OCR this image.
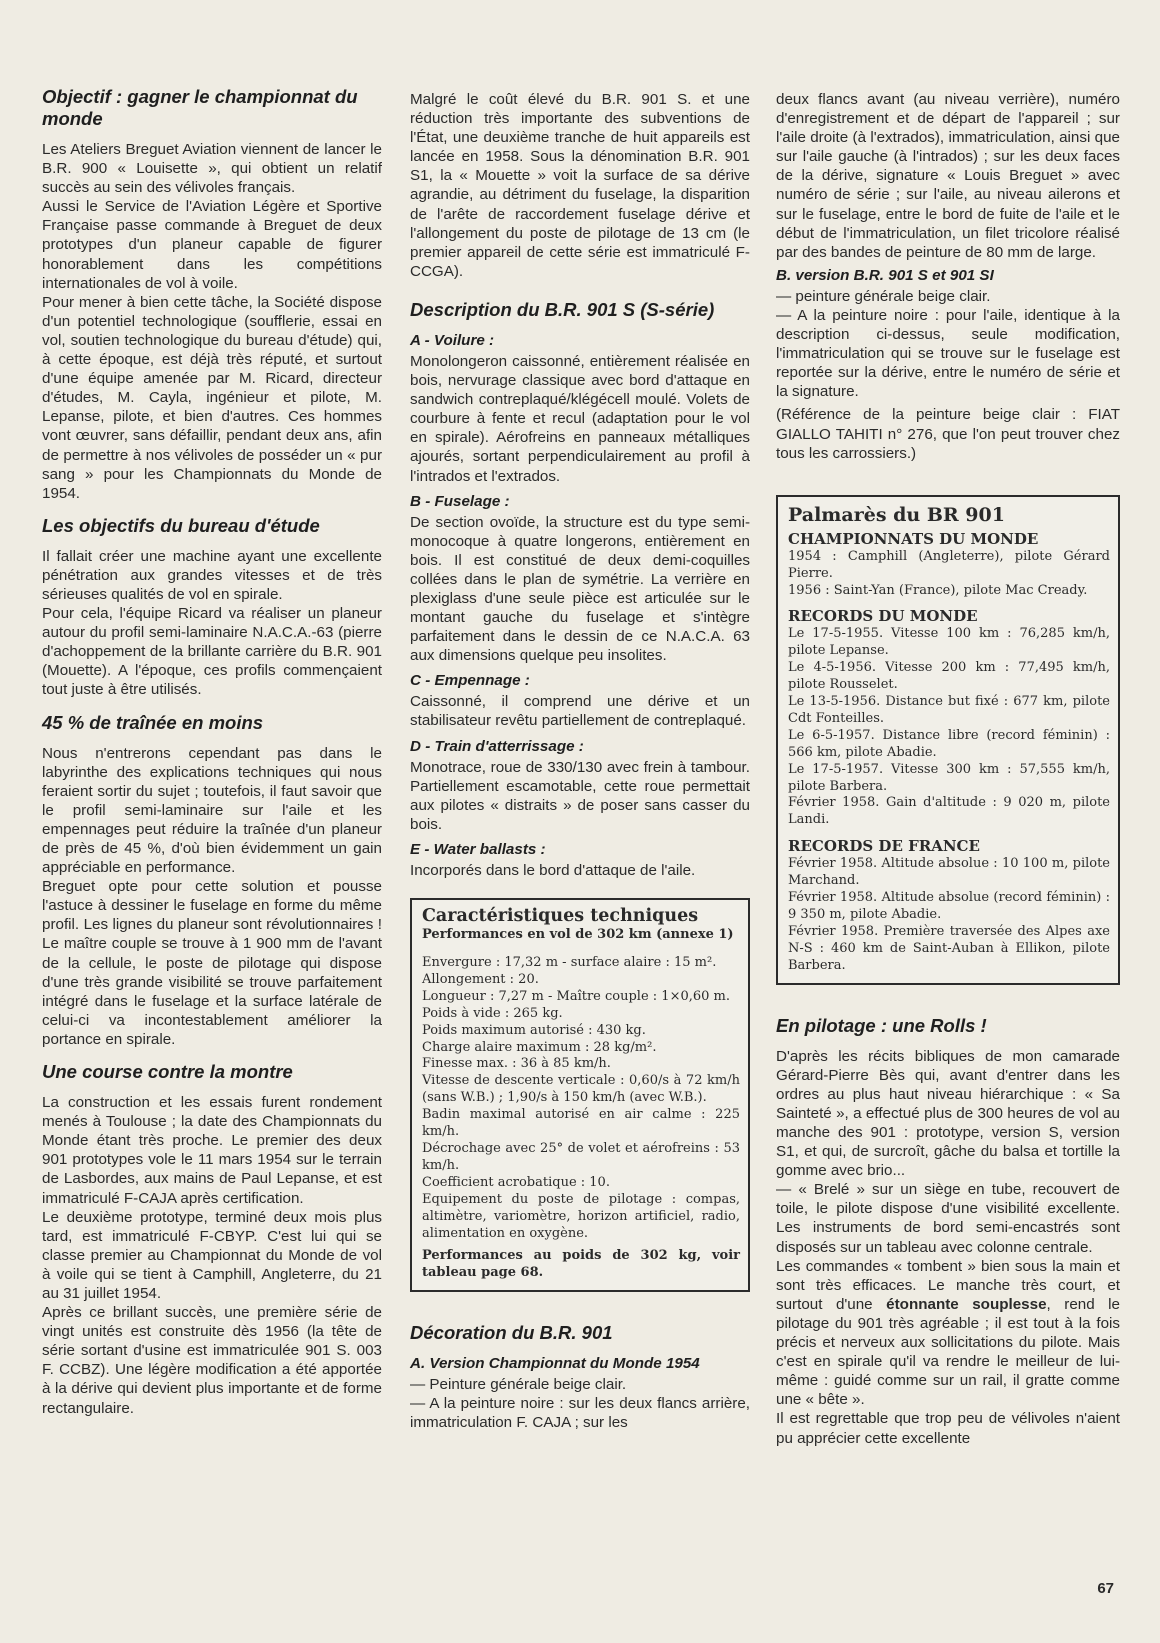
Objectif : gagner le championnat du monde

Les Ateliers Breguet Aviation viennent de lancer le B.R. 900 « Louisette », qui obtient un relatif succès au sein des vélivoles français.

Aussi le Service de l'Aviation Légère et Sportive Française passe commande à Breguet de deux prototypes d'un planeur capable de figurer honorablement dans les compétitions internationales de vol à voile.

Pour mener à bien cette tâche, la Société dispose d'un potentiel technologique (soufflerie, essai en vol, soutien technologique du bureau d'étude) qui, à cette époque, est déjà très réputé, et surtout d'une équipe amenée par M. Ricard, directeur d'études, M. Cayla, ingénieur et pilote, M. Lepanse, pilote, et bien d'autres. Ces hommes vont œuvrer, sans défaillir, pendant deux ans, afin de permettre à nos vélivoles de posséder un « pur sang » pour les Championnats du Monde de 1954.

Les objectifs du bureau d'étude

Il fallait créer une machine ayant une excellente pénétration aux grandes vitesses et de très sérieuses qualités de vol en spirale.

Pour cela, l'équipe Ricard va réaliser un planeur autour du profil semi-laminaire N.A.C.A.-63 (pierre d'achoppement de la brillante carrière du B.R. 901 (Mouette). A l'époque, ces profils commençaient tout juste à être utilisés.

45 % de traînée en moins

Nous n'entrerons cependant pas dans le labyrinthe des explications techniques qui nous feraient sortir du sujet ; toutefois, il faut savoir que le profil semi-laminaire sur l'aile et les empennages peut réduire la traînée d'un planeur de près de 45 %, d'où bien évidemment un gain appréciable en performance.

Breguet opte pour cette solution et pousse l'astuce à dessiner le fuselage en forme du même profil. Les lignes du planeur sont révolutionnaires ! Le maître couple se trouve à 1 900 mm de l'avant de la cellule, le poste de pilotage qui dispose d'une très grande visibilité se trouve parfaitement intégré dans le fuselage et la surface latérale de celui-ci va incontestablement améliorer la portance en spirale.

Une course contre la montre

La construction et les essais furent rondement menés à Toulouse ; la date des Championnats du Monde étant très proche. Le premier des deux 901 prototypes vole le 11 mars 1954 sur le terrain de Lasbordes, aux mains de Paul Lepanse, et est immatriculé F-CAJA après certification.

Le deuxième prototype, terminé deux mois plus tard, est immatriculé F-CBYP. C'est lui qui se classe premier au Championnat du Monde de vol à voile qui se tient à Camphill, Angleterre, du 21 au 31 juillet 1954.

Après ce brillant succès, une première série de vingt unités est construite dès 1956 (la tête de série sortant d'usine est immatriculée 901 S. 003 F. CCBZ). Une légère modification a été apportée à la dérive qui devient plus importante et de forme rectangulaire.

Malgré le coût élevé du B.R. 901 S. et une réduction très importante des subventions de l'État, une deuxième tranche de huit appareils est lancée en 1958. Sous la dénomination B.R. 901 S1, la « Mouette » voit la surface de sa dérive agrandie, au détriment du fuselage, la disparition de l'arête de raccordement fuselage dérive et l'allongement du poste de pilotage de 13 cm (le premier appareil de cette série est immatriculé F-CCGA).

Description du B.R. 901 S (S-série)
A - Voilure :

Monolongeron caissonné, entièrement réalisée en bois, nervurage classique avec bord d'attaque en sandwich contreplaqué/klégécell moulé. Volets de courbure à fente et recul (adaptation pour le vol en spirale). Aérofreins en panneaux métalliques ajourés, sortant perpendiculairement au profil à l'intrados et l'extrados.

B - Fuselage :

De section ovoïde, la structure est du type semi-monocoque à quatre longerons, entièrement en bois. Il est constitué de deux demi-coquilles collées dans le plan de symétrie. La verrière en plexiglass d'une seule pièce est articulée sur le montant gauche du fuselage et s'intègre parfaitement dans le dessin de ce N.A.C.A. 63 aux dimensions quelque peu insolites.

C - Empennage :

Caissonné, il comprend une dérive et un stabilisateur revêtu partiellement de contreplaqué.

D - Train d'atterrissage :

Monotrace, roue de 330/130 avec frein à tambour. Partiellement escamotable, cette roue permettait aux pilotes « distraits » de poser sans casser du bois.

E - Water ballasts :

Incorporés dans le bord d'attaque de l'aile.

Caractéristiques techniques

Performances en vol de 302 km (annexe 1)

Envergure : 17,32 m - surface alaire : 15 m².

Allongement : 20.

Longueur : 7,27 m - Maître couple : 1×0,60 m.

Poids à vide : 265 kg.

Poids maximum autorisé : 430 kg.

Charge alaire maximum : 28 kg/m².

Finesse max. : 36 à 85 km/h.

Vitesse de descente verticale : 0,60/s à 72 km/h (sans W.B.) ; 1,90/s à 150 km/h (avec W.B.).

Badin maximal autorisé en air calme : 225 km/h.

Décrochage avec 25° de volet et aérofreins : 53 km/h.

Coefficient acrobatique : 10.

Equipement du poste de pilotage : compas, altimètre, variomètre, horizon artificiel, radio, alimentation en oxygène.

Performances au poids de 302 kg, voir tableau page 68.

Décoration du B.R. 901
A. Version Championnat du Monde 1954

— Peinture générale beige clair.

— A la peinture noire : sur les deux flancs arrière, immatriculation F. CAJA ; sur les

deux flancs avant (au niveau verrière), numéro d'enregistrement et de départ de l'appareil ; sur l'aile droite (à l'extrados), immatriculation, ainsi que sur l'aile gauche (à l'intrados) ; sur les deux faces de la dérive, signature « Louis Breguet » avec numéro de série ; sur l'aile, au niveau ailerons et sur le fuselage, entre le bord de fuite de l'aile et le début de l'immatriculation, un filet tricolore réalisé par des bandes de peinture de 80 mm de large.

B. version B.R. 901 S et 901 SI

— peinture générale beige clair.

— A la peinture noire : pour l'aile, identique à la description ci-dessus, seule modification, l'immatriculation qui se trouve sur le fuselage est reportée sur la dérive, entre le numéro de série et la signature.

(Référence de la peinture beige clair : FIAT GIALLO TAHITI n° 276, que l'on peut trouver chez tous les carrossiers.)

Palmarès du BR 901

CHAMPIONNATS DU MONDE

1954 : Camphill (Angleterre), pilote Gérard Pierre.

1956 : Saint-Yan (France), pilote Mac Cready.

RECORDS DU MONDE

Le 17-5-1955. Vitesse 100 km : 76,285 km/h, pilote Lepanse.

Le 4-5-1956. Vitesse 200 km : 77,495 km/h, pilote Rousselet.

Le 13-5-1956. Distance but fixé : 677 km, pilote Cdt Fonteilles.

Le 6-5-1957. Distance libre (record féminin) : 566 km, pilote Abadie.

Le 17-5-1957. Vitesse 300 km : 57,555 km/h, pilote Barbera.

Février 1958. Gain d'altitude : 9 020 m, pilote Landi.

RECORDS DE FRANCE

Février 1958. Altitude absolue : 10 100 m, pilote Marchand.

Février 1958. Altitude absolue (record féminin) : 9 350 m, pilote Abadie.

Février 1958. Première traversée des Alpes axe N-S : 460 km de Saint-Auban à Ellikon, pilote Barbera.

En pilotage : une Rolls !

D'après les récits bibliques de mon camarade Gérard-Pierre Bès qui, avant d'entrer dans les ordres au plus haut niveau hiérarchique : « Sa Sainteté », a effectué plus de 300 heures de vol au manche des 901 : prototype, version S, version S1, et qui, de surcroît, gâche du balsa et tortille la gomme avec brio...

— « Brelé » sur un siège en tube, recouvert de toile, le pilote dispose d'une visibilité excellente. Les instruments de bord semi-encastrés sont disposés sur un tableau avec colonne centrale.

Les commandes « tombent » bien sous la main et sont très efficaces. Le manche très court, et surtout d'une étonnante souplesse, rend le pilotage du 901 très agréable ; il est tout à la fois précis et nerveux aux sollicitations du pilote. Mais c'est en spirale qu'il va rendre le meilleur de lui-même : guidé comme sur un rail, il gratte comme une « bête ».

Il est regrettable que trop peu de vélivoles n'aient pu apprécier cette excellente

67
